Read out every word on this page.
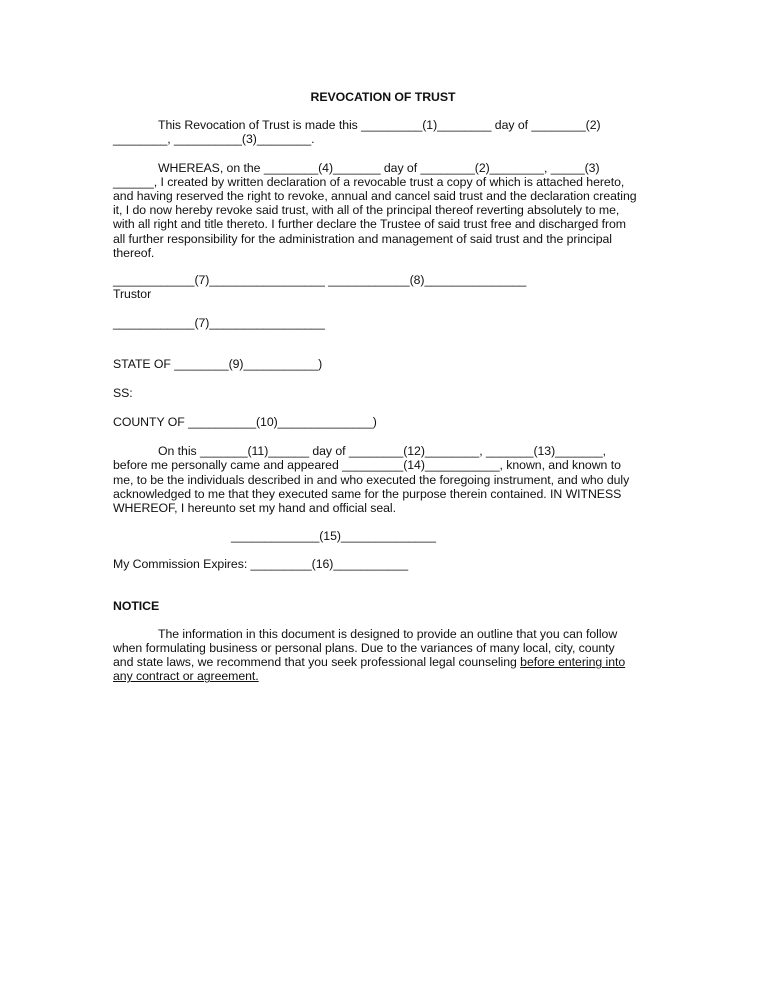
REVOCATION OF TRUST

This Revocation of Trust is made this _________(1)________ day of ________(2)

________, __________(3)________.

WHEREAS, on the ________(4)_______ day of ________(2)________, _____(3)

______, I created by written declaration of a revocable trust a copy of which is attached hereto,

and having reserved the right to revoke, annual and cancel said trust and the declaration creating

it, I do now hereby revoke said trust, with all of the principal thereof reverting absolutely to me,

with all right and title thereto. I further declare the Trustee of said trust free and discharged from

all further responsibility for the administration and management of said trust and the principal

thereof.

____________(7)_________________ ____________(8)_______________

Trustor

____________(7)_________________

STATE OF ________(9)___________)

SS:

COUNTY OF __________(10)______________)

On this _______(11)______ day of ________(12)________, _______(13)_______,

before me personally came and appeared _________(14)___________, known, and known to

me, to be the individuals described in and who executed the foregoing instrument, and who duly

acknowledged to me that they executed same for the purpose therein contained. IN WITNESS

WHEREOF, I hereunto set my hand and official seal.

_____________(15)______________

My Commission Expires: _________(16)___________

NOTICE

The information in this document is designed to provide an outline that you can follow

when formulating business or personal plans. Due to the variances of many local, city, county

and state laws, we recommend that you seek professional legal counseling before entering into

any contract or agreement.
